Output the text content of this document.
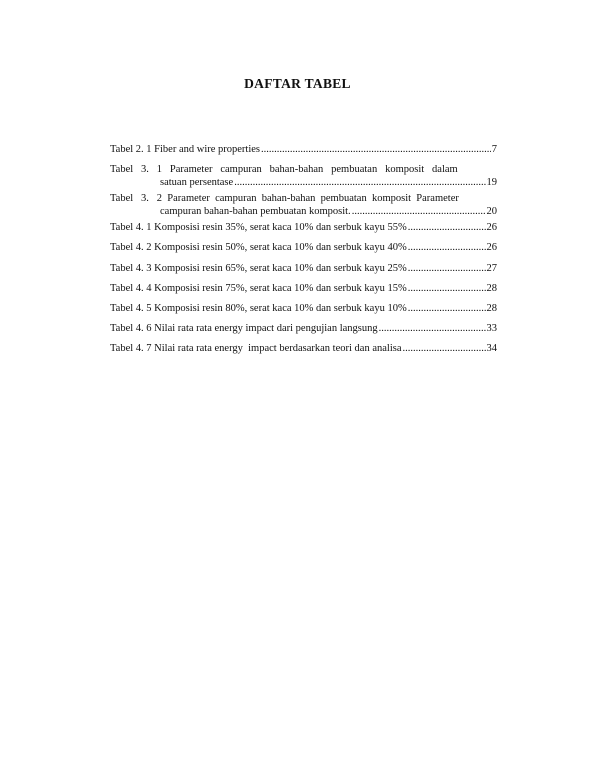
DAFTAR TABEL
Tabel 2. 1 Fiber and wire properties .....	7
Tabel   3.   1   Parameter   campuran   bahan-bahan   pembuatan   komposit   dalam
satuan persentase .....	19
Tabel   3.   2  Parameter  campuran  bahan-bahan  pembuatan  komposit  Parameter
campuran bahan-bahan pembuatan komposit. .....	20
Tabel 4. 1 Komposisi resin 35%, serat kaca 10% dan serbuk kayu 55% .....	26
Tabel 4. 2 Komposisi resin 50%, serat kaca 10% dan serbuk kayu 40% .....	26
Tabel 4. 3 Komposisi resin 65%, serat kaca 10% dan serbuk kayu 25% .....	27
Tabel 4. 4 Komposisi resin 75%, serat kaca 10% dan serbuk kayu 15% .....	28
Tabel 4. 5 Komposisi resin 80%, serat kaca 10% dan serbuk kayu 10% .....	28
Tabel 4. 6 Nilai rata rata energy impact dari pengujian langsung .....	33
Tabel 4. 7 Nilai rata rata energy  impact berdasarkan teori dan analisa .....	34
